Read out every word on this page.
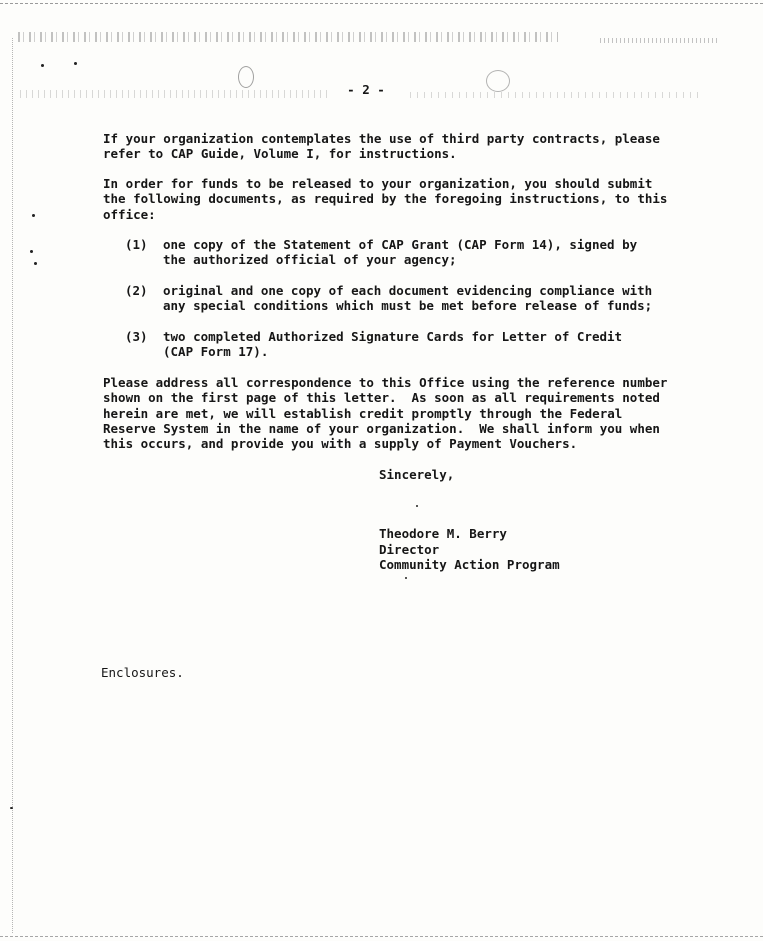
- 2 -

If your organization contemplates the use of third party contracts, please
refer to CAP Guide, Volume I, for instructions.

In order for funds to be released to your organization, you should submit
the following documents, as required by the foregoing instructions, to this
office:

(1) one copy of the Statement of CAP Grant (CAP Form 14), signed by
the authorized official of your agency;
(2) original and one copy of each document evidencing compliance with
any special conditions which must be met before release of funds;
(3) two completed Authorized Signature Cards for Letter of Credit
(CAP Form 17).

Please address all correspondence to this Office using the reference number
shown on the first page of this letter.  As soon as all requirements noted
herein are met, we will establish credit promptly through the Federal
Reserve System in the name of your organization.  We shall inform you when
this occurs, and provide you with a supply of Payment Vouchers.

Sincerely,
Theodore M. Berry
Director
Community Action Program
Enclosures.
